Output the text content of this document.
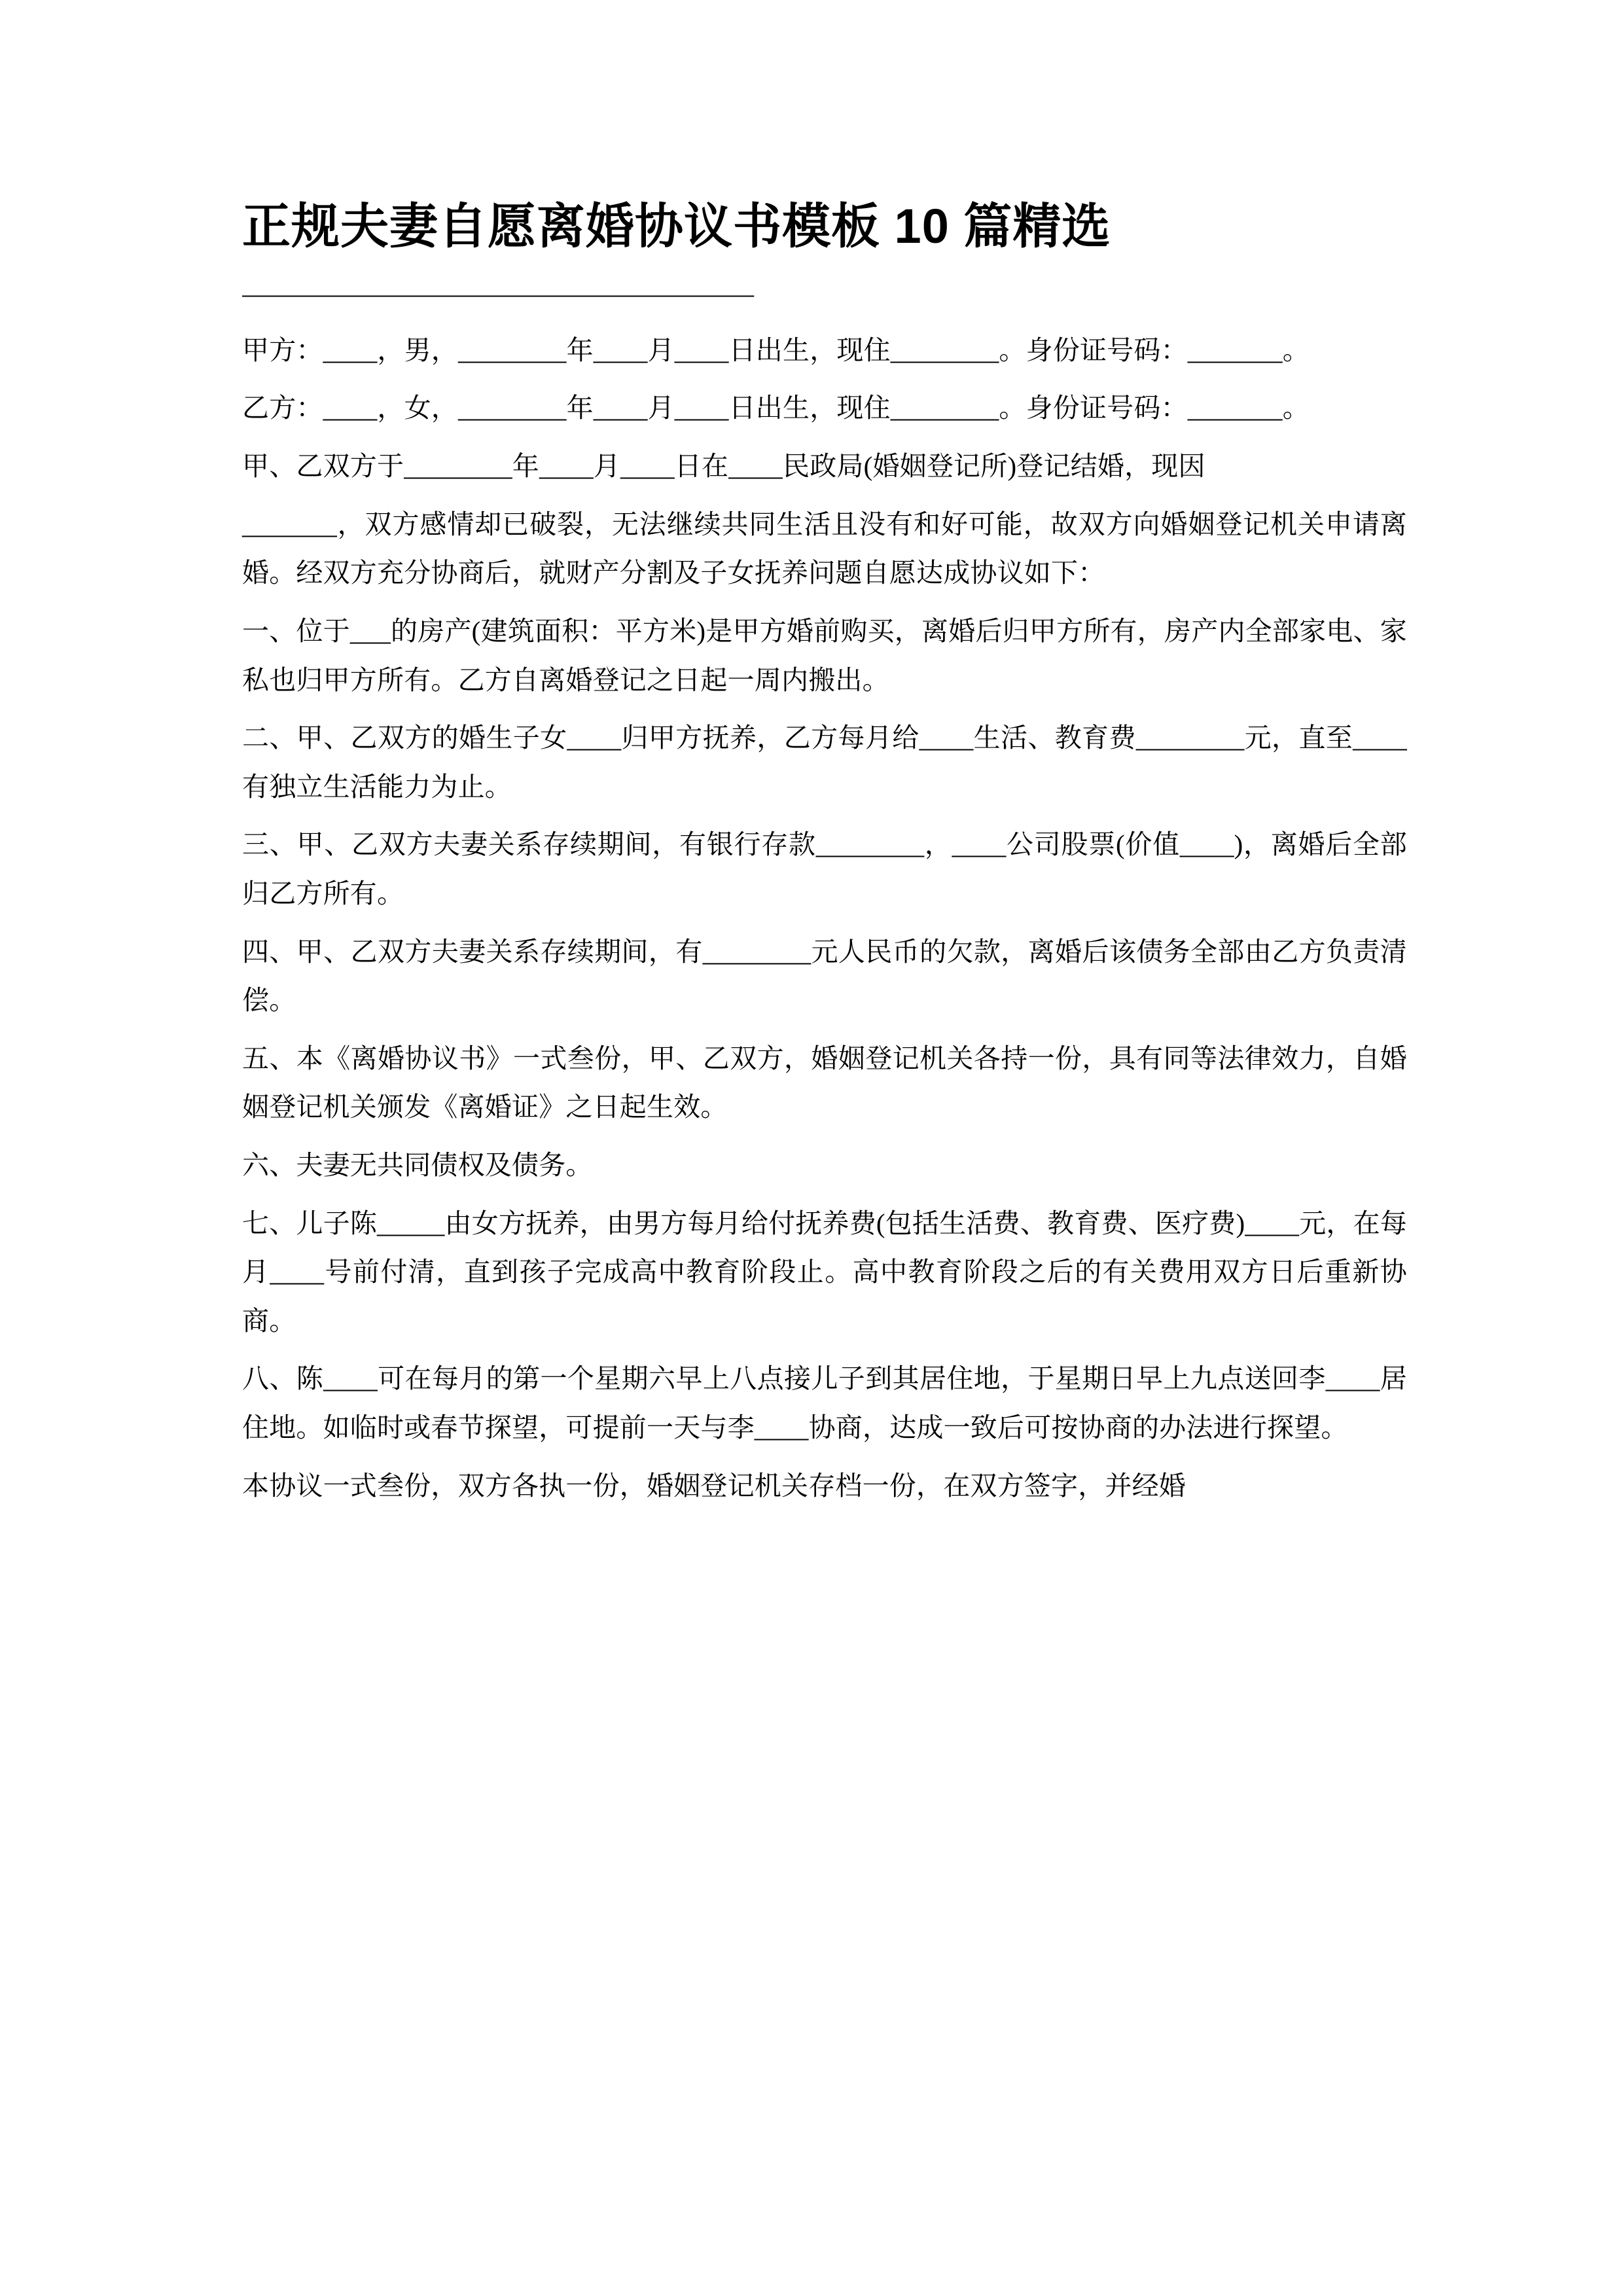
正规夫妻自愿离婚协议书模板 10 篇精选
————————————————————

甲方：____，男，________年____月____日出生，现住________。身份证号码：_______。

乙方：____，女，________年____月____日出生，现住________。身份证号码：_______。

甲、乙双方于________年____月____日在____民政局(婚姻登记所)登记结婚，现因

_______，双方感情却已破裂，无法继续共同生活且没有和好可能，故双方向婚姻登记机关申请离婚。经双方充分协商后，就财产分割及子女抚养问题自愿达成协议如下：

一、位于___的房产(建筑面积：平方米)是甲方婚前购买，离婚后归甲方所有，房产内全部家电、家私也归甲方所有。乙方自离婚登记之日起一周内搬出。

二、甲、乙双方的婚生子女____归甲方抚养，乙方每月给____生活、教育费________元，直至____有独立生活能力为止。

三、甲、乙双方夫妻关系存续期间，有银行存款________，____公司股票(价值____)，离婚后全部归乙方所有。

四、甲、乙双方夫妻关系存续期间，有________元人民币的欠款，离婚后该债务全部由乙方负责清偿。

五、本《离婚协议书》一式叁份，甲、乙双方，婚姻登记机关各持一份，具有同等法律效力，自婚姻登记机关颁发《离婚证》之日起生效。

六、夫妻无共同债权及债务。

七、儿子陈_____由女方抚养，由男方每月给付抚养费(包括生活费、教育费、医疗费)____元，在每月____号前付清，直到孩子完成高中教育阶段止。高中教育阶段之后的有关费用双方日后重新协商。

八、陈____可在每月的第一个星期六早上八点接儿子到其居住地，于星期日早上九点送回李____居住地。如临时或春节探望，可提前一天与李____协商，达成一致后可按协商的办法进行探望。

本协议一式叁份，双方各执一份，婚姻登记机关存档一份，在双方签字，并经婚
